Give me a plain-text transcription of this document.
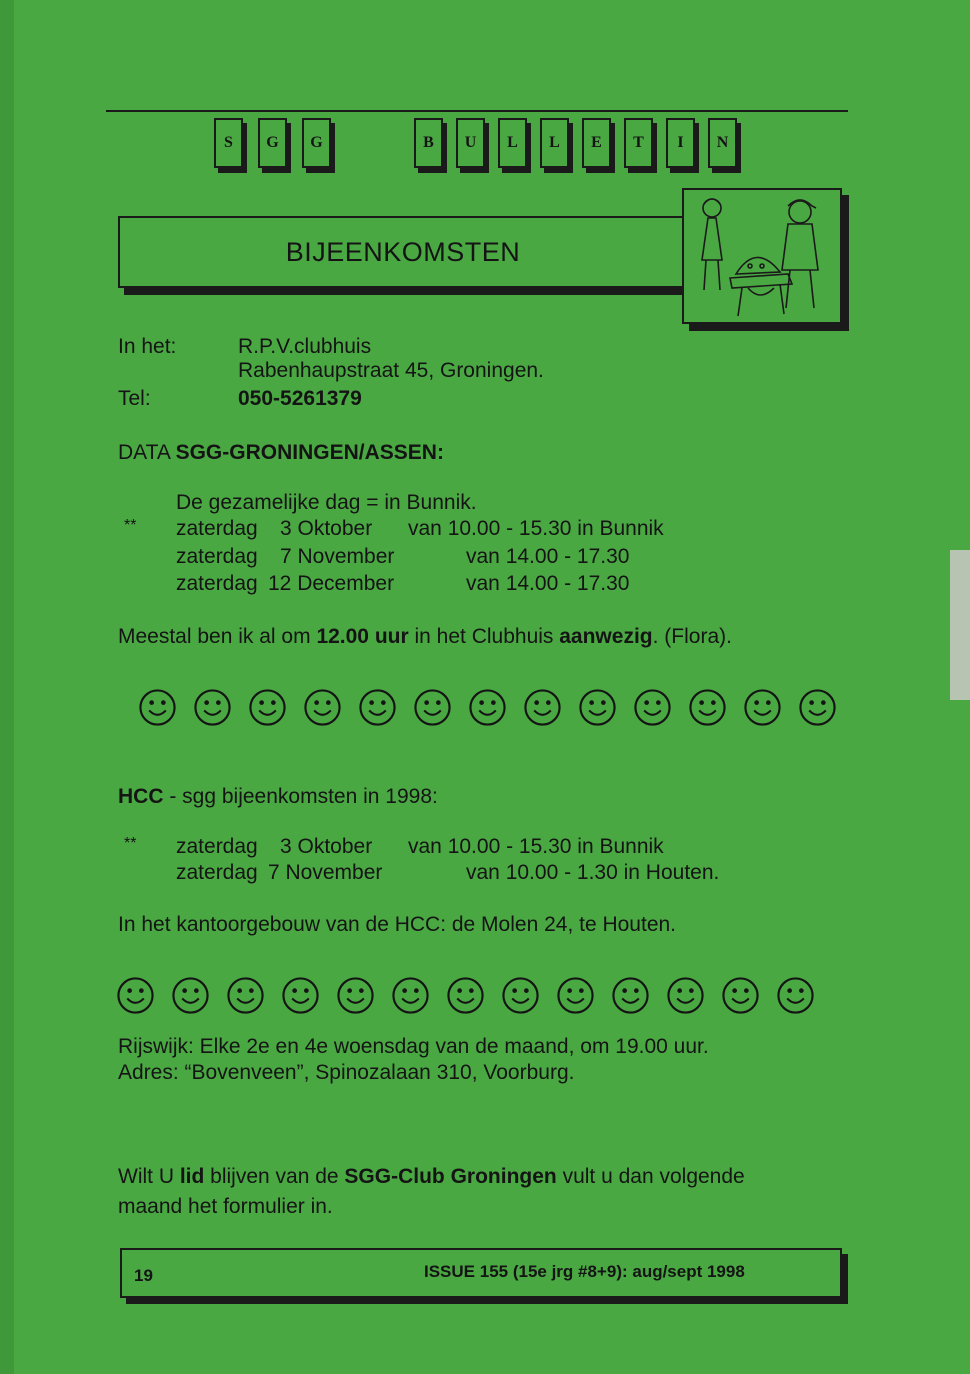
S	G	G	B	U	L	L	E	T	I	N
BIJEENKOMSTEN
In het:	R.P.V.clubhuis
Rabenhaupstraat 45, Groningen.
Tel:	050-5261379
DATA SGG-GRONINGEN/ASSEN:
De gezamelijke dag = in Bunnik.
** zaterdag 3 Oktober van 10.00 - 15.30 in Bunnik
zaterdag 7 November	van 14.00 - 17.30
zaterdag 12 December	van 14.00 - 17.30
Meestal ben ik al om 12.00 uur in het Clubhuis aanwezig. (Flora).
HCC - sgg bijeenkomsten in 1998:
** zaterdag 3 Oktober van 10.00 - 15.30 in Bunnik
zaterdag 7 November	van 10.00 - 1.30 in Houten.
In het kantoorgebouw van de HCC: de Molen 24, te Houten.
Rijswijk: Elke 2e en 4e woensdag van de maand, om 19.00 uur.
Adres: “Bovenveen”, Spinozalaan 310, Voorburg.
Wilt U lid blijven van de SGG-Club Groningen vult u dan volgende
maand het formulier in.
19	ISSUE 155 (15e jrg #8+9): aug/sept 1998
